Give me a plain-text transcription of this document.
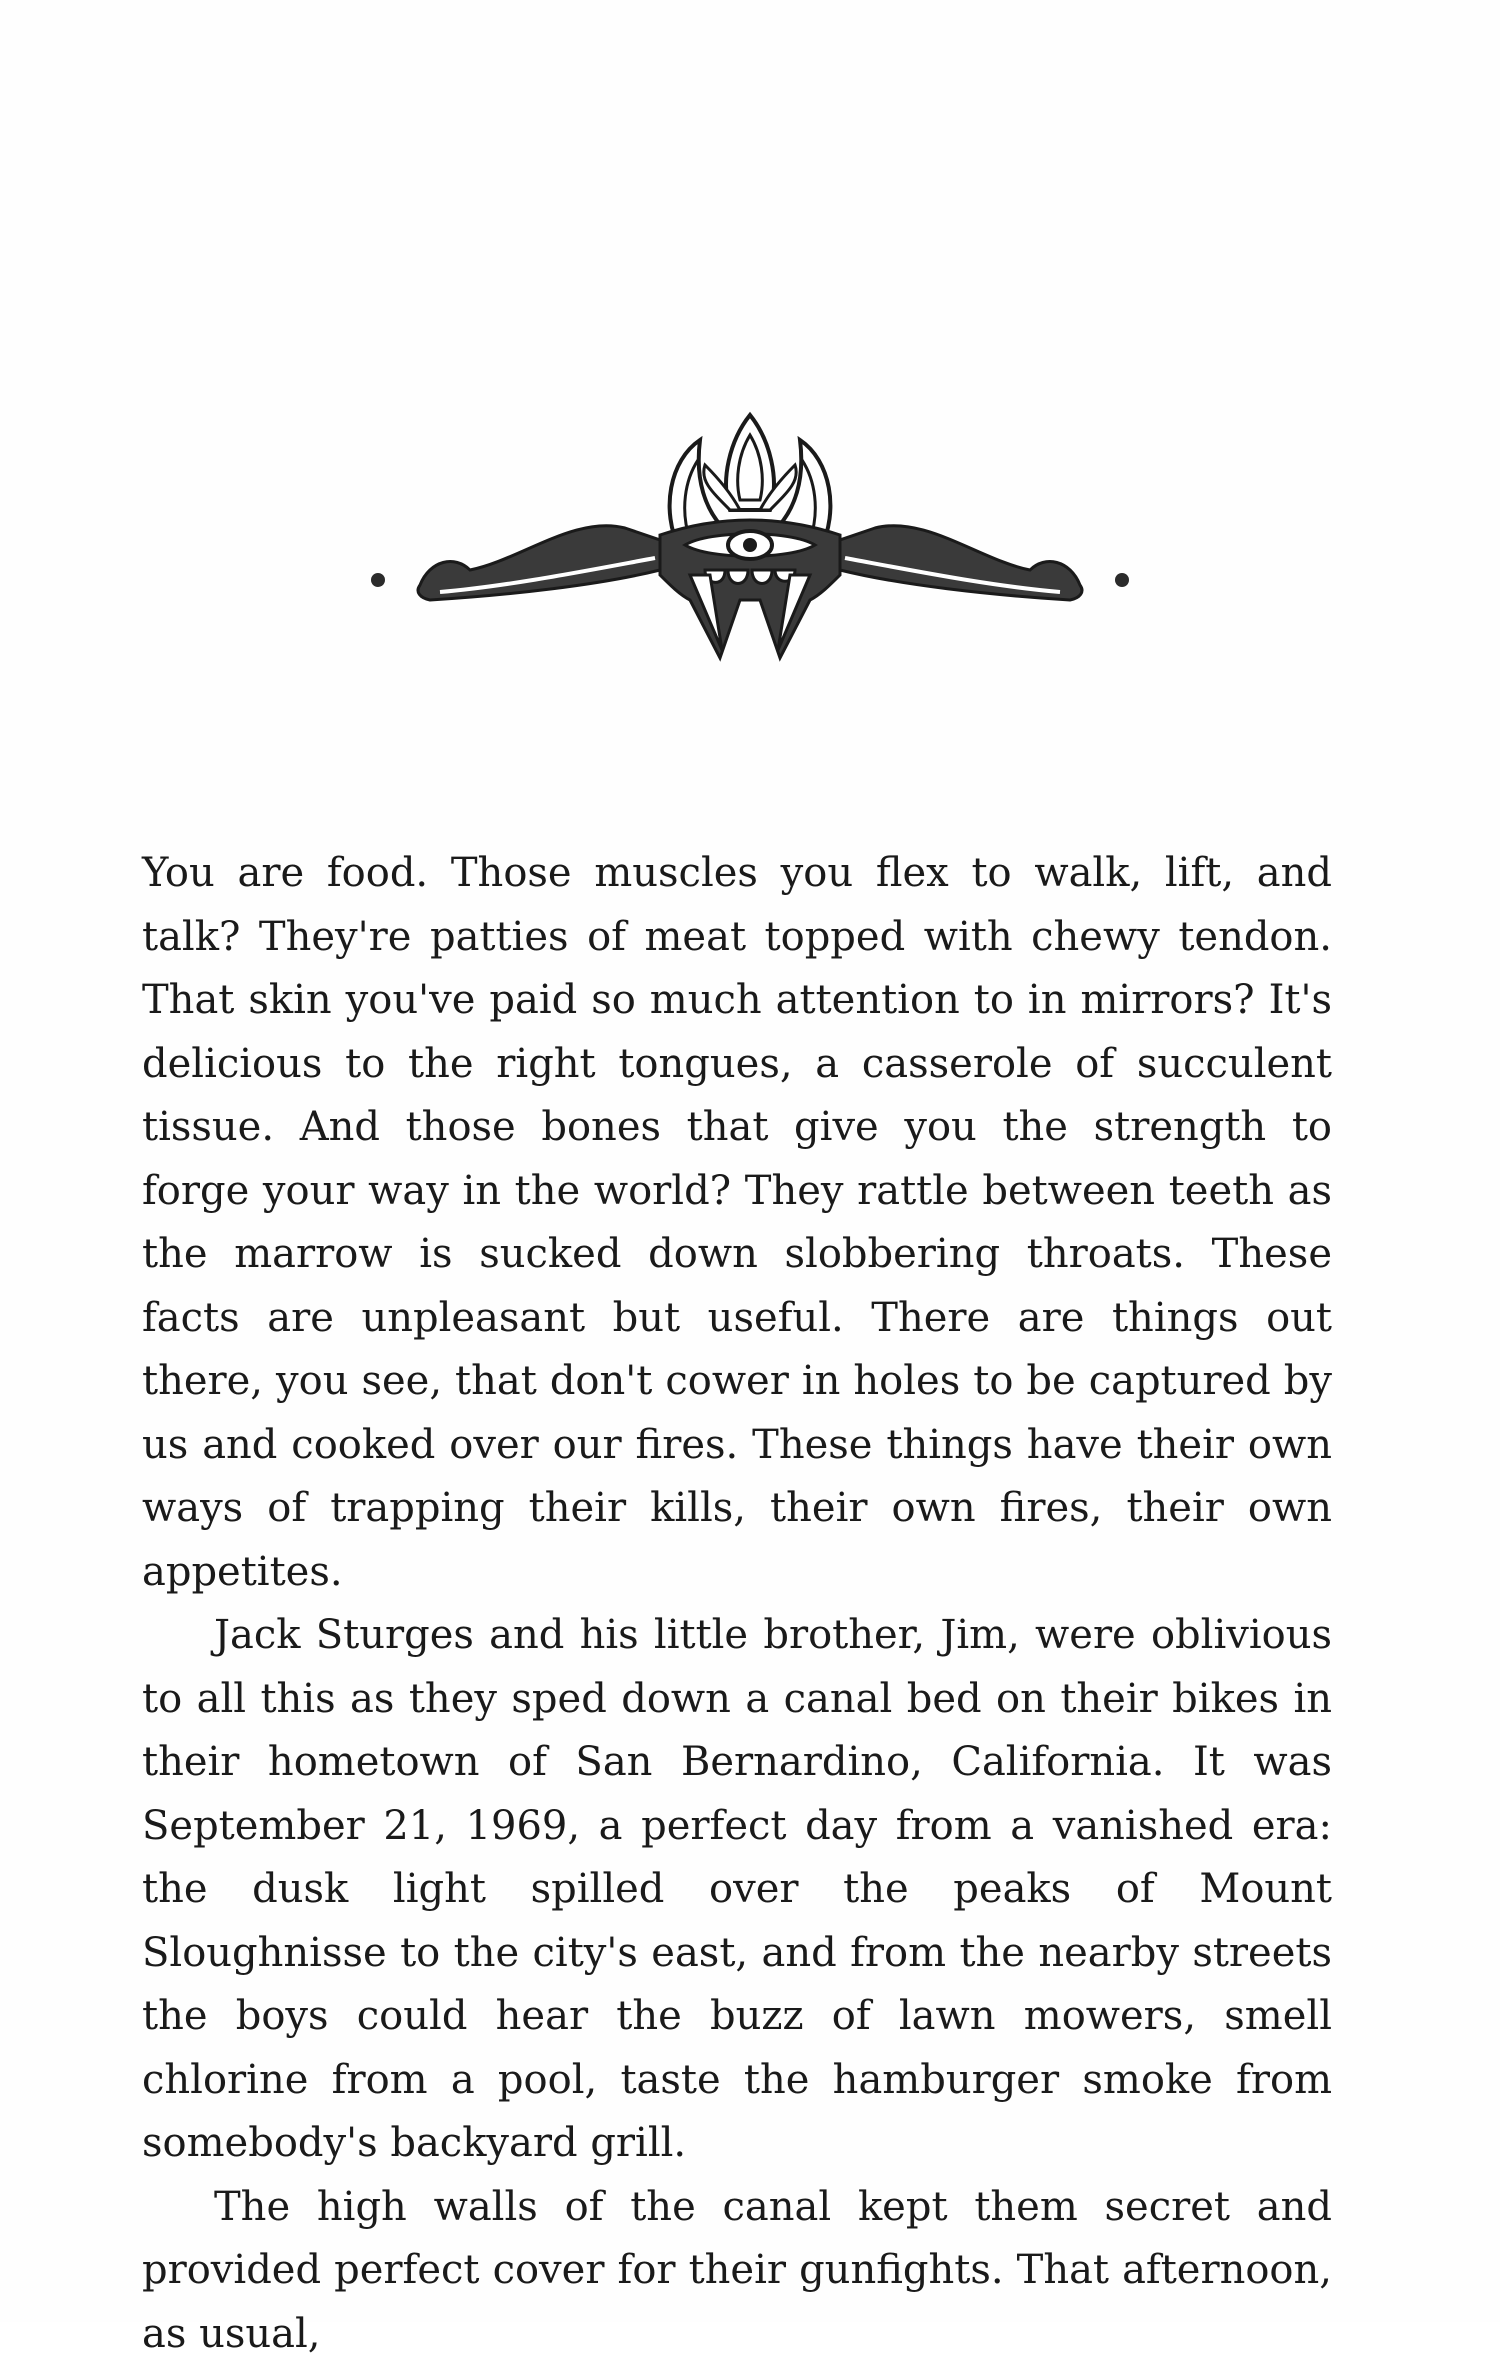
You are food. Those muscles you flex to walk, lift, and talk? They're patties of meat topped with chewy tendon. That skin you've paid so much attention to in mirrors? It's delicious to the right tongues, a casserole of succulent tissue. And those bones that give you the strength to forge your way in the world? They rattle between teeth as the marrow is sucked down slobbering throats. These facts are unpleasant but useful. There are things out there, you see, that don't cower in holes to be captured by us and cooked over our fires. These things have their own ways of trapping their kills, their own fires, their own appetites.

Jack Sturges and his little brother, Jim, were oblivious to all this as they sped down a canal bed on their bikes in their hometown of San Bernardino, California. It was September 21, 1969, a perfect day from a vanished era: the dusk light spilled over the peaks of Mount Sloughnisse to the city's east, and from the nearby streets the boys could hear the buzz of lawn mowers, smell chlorine from a pool, taste the hamburger smoke from somebody's backyard grill.

The high walls of the canal kept them secret and provided perfect cover for their gunfights. That afternoon, as usual,
